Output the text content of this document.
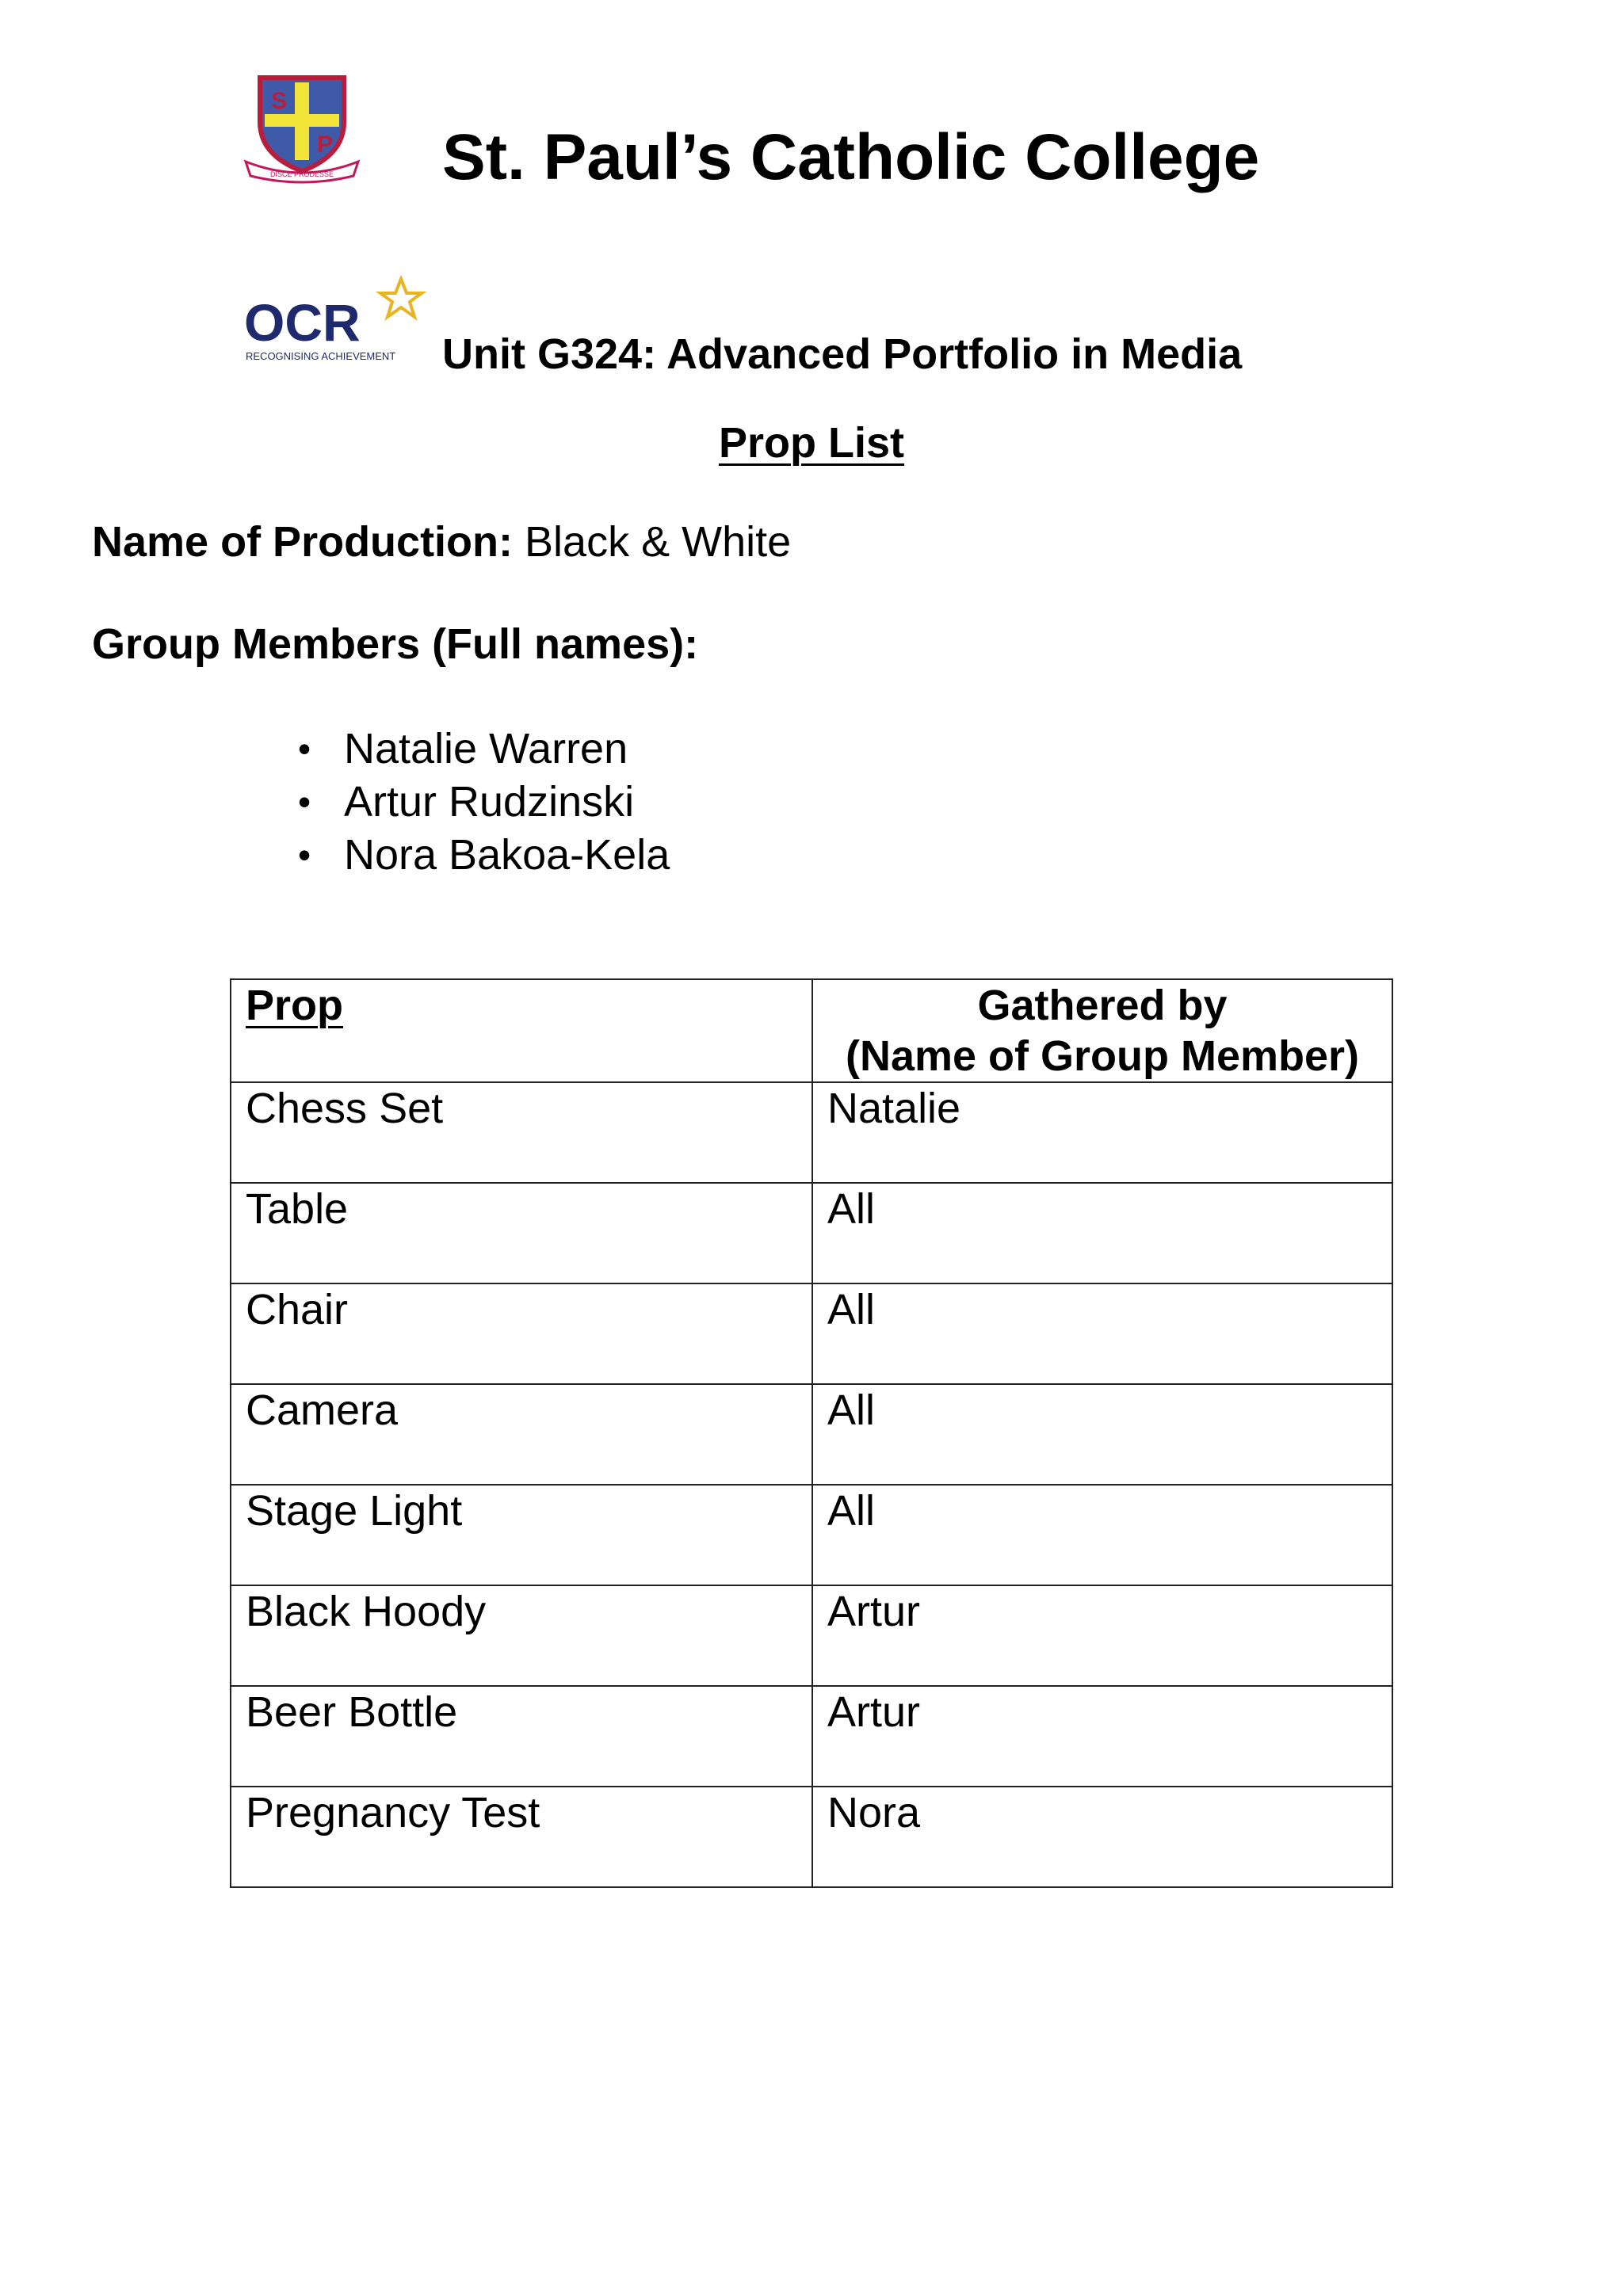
S
P
DISCE PRODESSE St. Paul’s Catholic College
OCR
RECOGNISING ACHIEVEMENT Unit G324: Advanced Portfolio in Media
Prop List
Name of Production: Black & White
Group Members (Full names):
• Natalie Warren
• Artur Rudzinski
• Nora Bakoa-Kela
Prop	Gathered by
(Name of Group Member)
Chess Set	Natalie
Table	All
Chair	All
Camera	All
Stage Light	All
Black Hoody	Artur
Beer Bottle	Artur
Pregnancy Test	Nora
